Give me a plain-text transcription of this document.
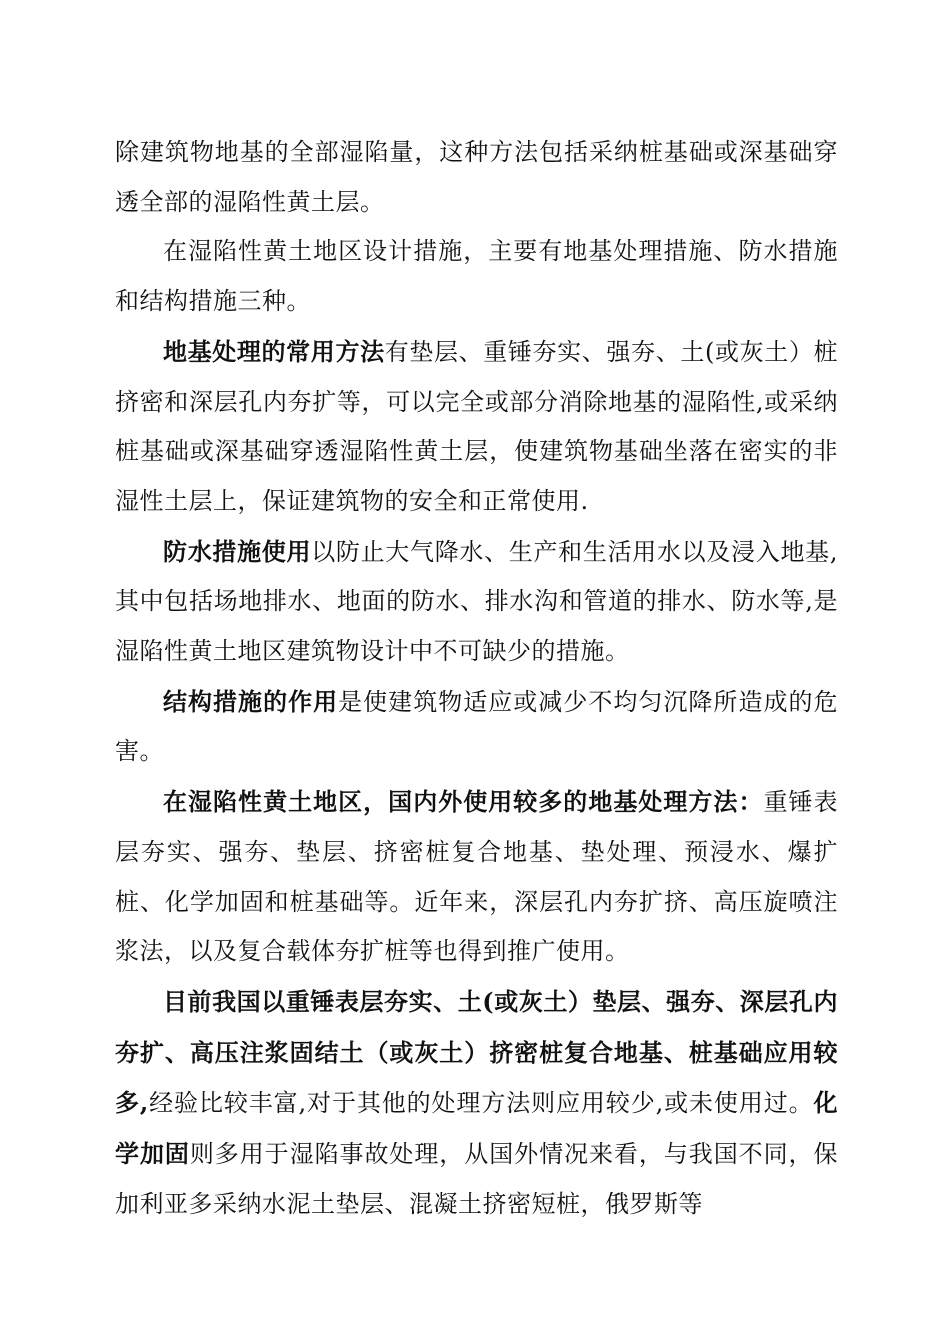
除建筑物地基的全部湿陷量，这种方法包括采纳桩基础或深基础穿透全部的湿陷性黄土层。

在湿陷性黄土地区设计措施，主要有地基处理措施、防水措施和结构措施三种。

地基处理的常用方法有垫层、重锤夯实、强夯、土(或灰土）桩挤密和深层孔内夯扩等，可以完全或部分消除地基的湿陷性,或采纳桩基础或深基础穿透湿陷性黄土层，使建筑物基础坐落在密实的非湿性土层上，保证建筑物的安全和正常使用.

防水措施使用以防止大气降水、生产和生活用水以及浸入地基,其中包括场地排水、地面的防水、排水沟和管道的排水、防水等,是湿陷性黄土地区建筑物设计中不可缺少的措施。

结构措施的作用是使建筑物适应或减少不均匀沉降所造成的危害。

在湿陷性黄土地区，国内外使用较多的地基处理方法：重锤表层夯实、强夯、垫层、挤密桩复合地基、垫处理、预浸水、爆扩桩、化学加固和桩基础等。近年来，深层孔内夯扩挤、高压旋喷注浆法，以及复合载体夯扩桩等也得到推广使用。

目前我国以重锤表层夯实、土(或灰土）垫层、强夯、深层孔内夯扩、高压注浆固结土（或灰土）挤密桩复合地基、桩基础应用较多,经验比较丰富,对于其他的处理方法则应用较少,或未使用过。化学加固则多用于湿陷事故处理，从国外情况来看，与我国不同，保加利亚多采纳水泥土垫层、混凝土挤密短桩，俄罗斯等
